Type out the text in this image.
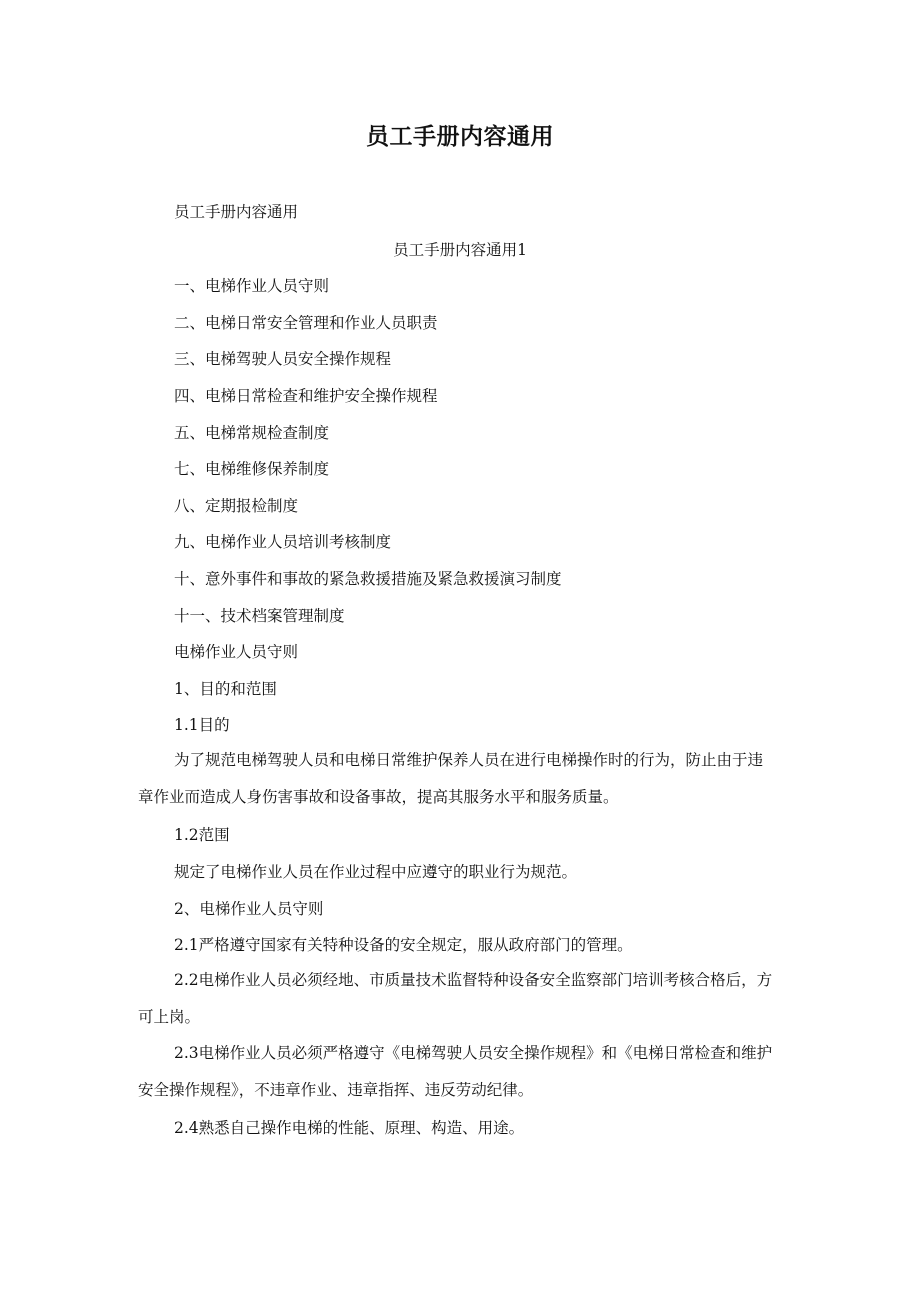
员工手册内容通用
员工手册内容通用
员工手册内容通用1
一、电梯作业人员守则
二、电梯日常安全管理和作业人员职责
三、电梯驾驶人员安全操作规程
四、电梯日常检查和维护安全操作规程
五、电梯常规检查制度
七、电梯维修保养制度
八、定期报检制度
九、电梯作业人员培训考核制度
十、意外事件和事故的紧急救援措施及紧急救援演习制度
十一、技术档案管理制度
电梯作业人员守则
1、目的和范围
1.1目的
为了规范电梯驾驶人员和电梯日常维护保养人员在进行电梯操作时的行为，防止由于违章作业而造成人身伤害事故和设备事故，提高其服务水平和服务质量。
1.2范围
规定了电梯作业人员在作业过程中应遵守的职业行为规范。
2、电梯作业人员守则
2.1严格遵守国家有关特种设备的安全规定，服从政府部门的管理。
2.2电梯作业人员必须经地、市质量技术监督特种设备安全监察部门培训考核合格后，方可上岗。
2.3电梯作业人员必须严格遵守《电梯驾驶人员安全操作规程》和《电梯日常检查和维护安全操作规程》，不违章作业、违章指挥、违反劳动纪律。
2.4熟悉自己操作电梯的性能、原理、构造、用途。
